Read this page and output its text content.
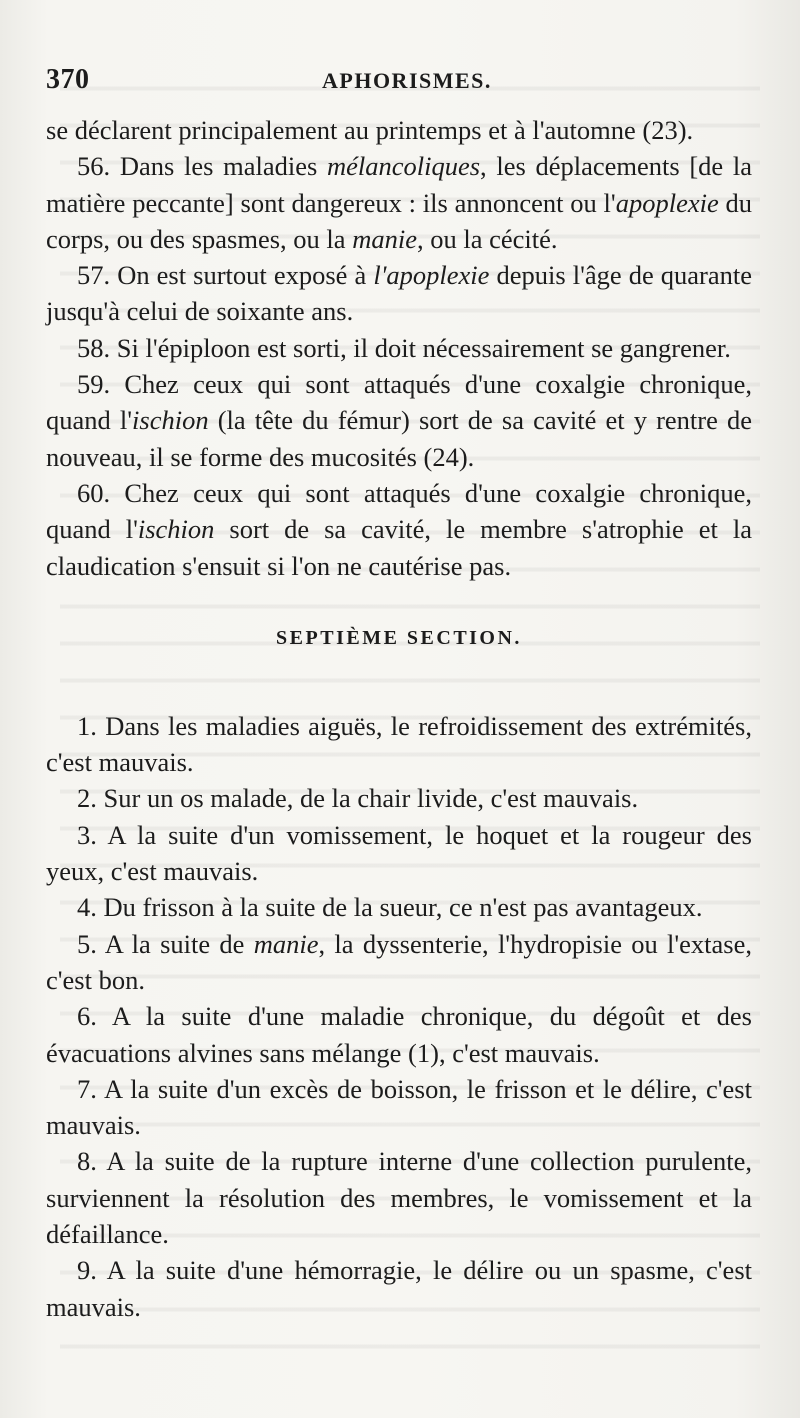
370	APHORISMES.

se déclarent principalement au printemps et à l'automne (23).

56. Dans les maladies mélancoliques, les déplacements [de la matière peccante] sont dangereux : ils annoncent ou l'apoplexie du corps, ou des spasmes, ou la manie, ou la cécité.

57. On est surtout exposé à l'apoplexie depuis l'âge de quarante jusqu'à celui de soixante ans.

58. Si l'épiploon est sorti, il doit nécessairement se gangrener.

59. Chez ceux qui sont attaqués d'une coxalgie chronique, quand l'ischion (la tête du fémur) sort de sa cavité et y rentre de nouveau, il se forme des mucosités (24).

60. Chez ceux qui sont attaqués d'une coxalgie chronique, quand l'ischion sort de sa cavité, le membre s'atrophie et la claudication s'ensuit si l'on ne cautérise pas.

SEPTIÈME SECTION.

1. Dans les maladies aiguës, le refroidissement des extrémités, c'est mauvais.

2. Sur un os malade, de la chair livide, c'est mauvais.

3. A la suite d'un vomissement, le hoquet et la rougeur des yeux, c'est mauvais.

4. Du frisson à la suite de la sueur, ce n'est pas avantageux.

5. A la suite de manie, la dyssenterie, l'hydropisie ou l'extase, c'est bon.

6. A la suite d'une maladie chronique, du dégoût et des évacuations alvines sans mélange (1), c'est mauvais.

7. A la suite d'un excès de boisson, le frisson et le délire, c'est mauvais.

8. A la suite de la rupture interne d'une collection purulente, surviennent la résolution des membres, le vomissement et la défaillance.

9. A la suite d'une hémorragie, le délire ou un spasme, c'est mauvais.
